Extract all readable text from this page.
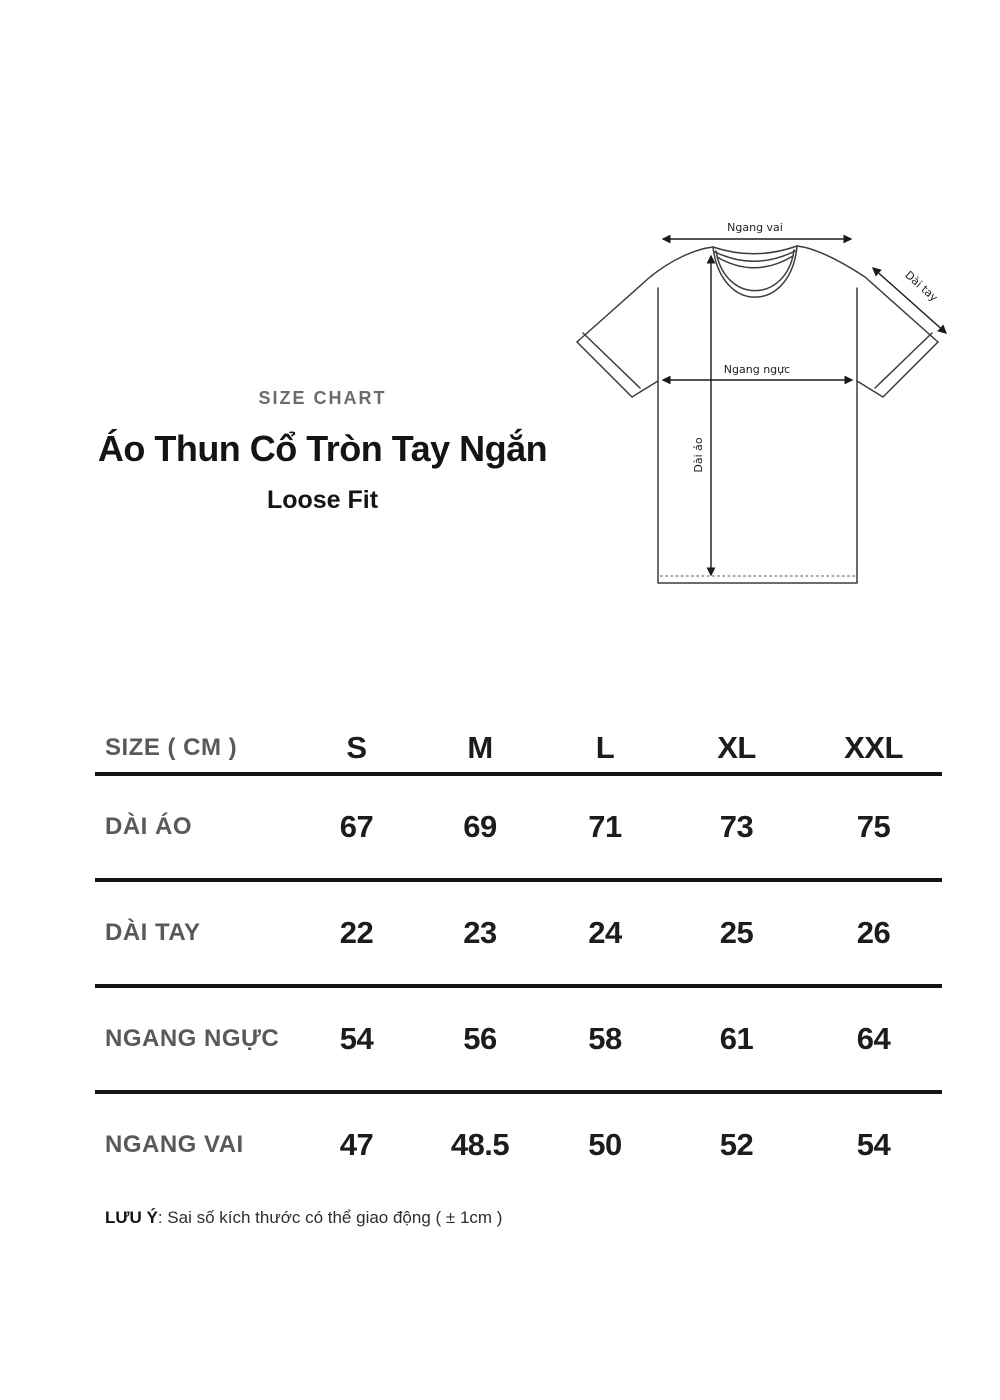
SIZE CHART
Áo Thun Cổ Tròn Tay Ngắn
Loose Fit
Ngang vai
Ngang ngực
Dài áo
Dài tay
SIZE ( CM )	S	M	L	XL	XXL
DÀI ÁO	67	69	71	73	75
DÀI TAY	22	23	24	25	26
NGANG NGỰC	54	56	58	61	64
NGANG VAI	47	48.5	50	52	54
LƯU Ý: Sai số kích thước có thể giao động ( ± 1cm )
